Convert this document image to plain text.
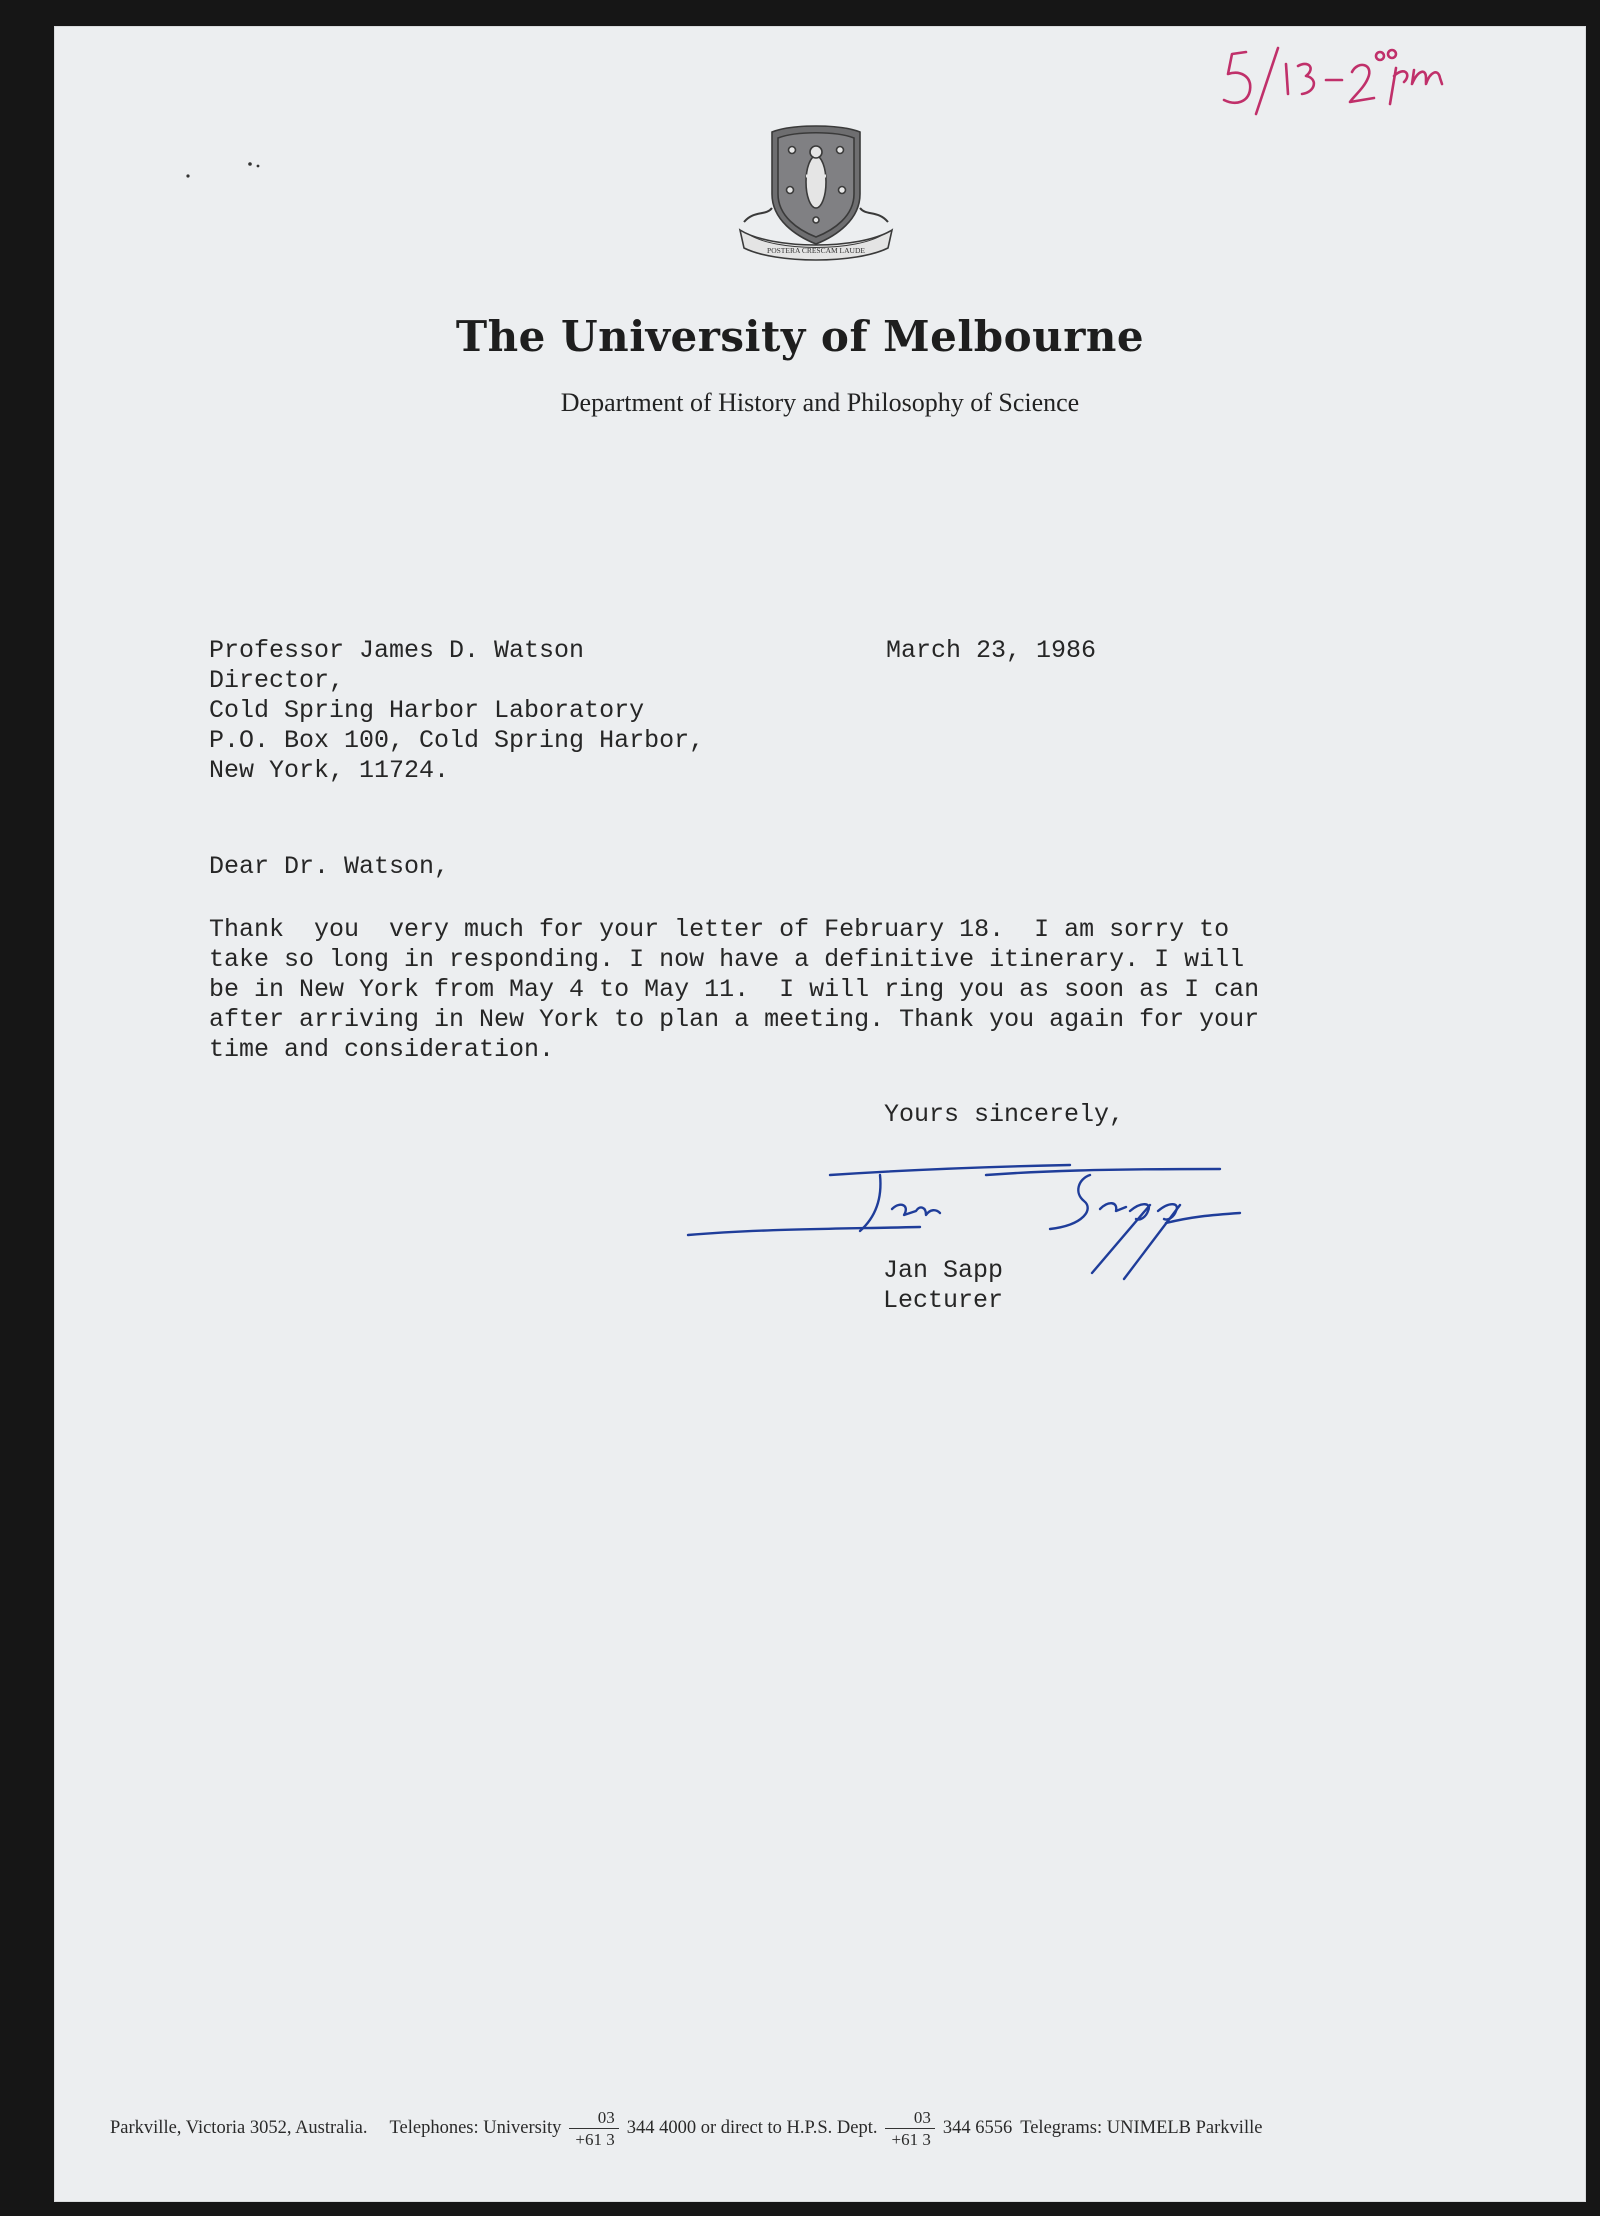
POSTERA CRESCAM LAUDE
The University of Melbourne

Department of History and Philosophy of Science

Professor James D. Watson
Director,
Cold Spring Harbor Laboratory
P.O. Box 100, Cold Spring Harbor,
New York, 11724.
March 23, 1986
Dear Dr. Watson,
Thank  you  very much for your letter of February 18.  I am sorry to
take so long in responding. I now have a definitive itinerary. I will
be in New York from May 4 to May 11.  I will ring you as soon as I can
after arriving in New York to plan a meeting. Thank you again for your
time and consideration.
Yours sincerely,
Jan Sapp
Lecturer
Parkville, Victoria 3052, Australia. Telephones: University $\frac{03}{+61 3} 344$ 4000 or direct to H.P.S. Dept. $\frac{03}{+61 3} 344$ 6556 Telegrams: UNIMELB Parkville
